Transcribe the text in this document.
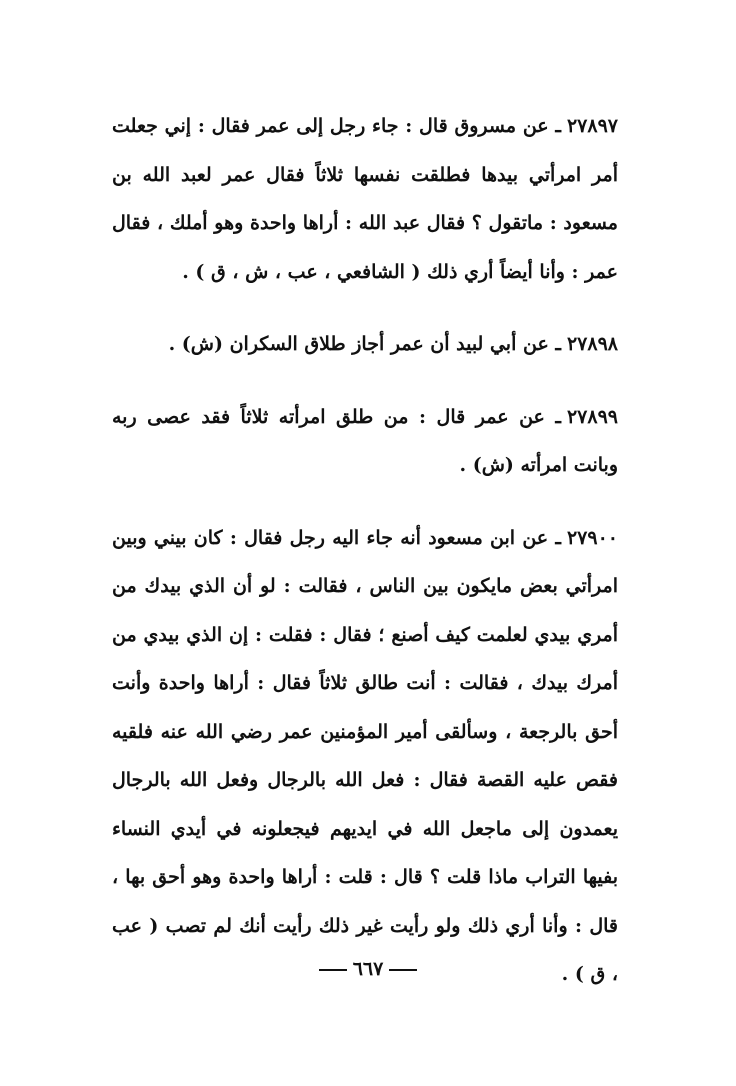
٢٧٨٩٧ـ عن مسروق قال : جاء رجل إلى عمر فقال : إني جعلت أمر امرأتي بيدها فطلقت نفسها ثلاثاً فقال عمر لعبد الله بن مسعود : ماتقول ؟ فقال عبد الله : أراها واحدة وهو أملك ، فقال عمر : وأنا أيضاً أري ذلك ( الشافعي ، عب ، ش ، ق ) .

٢٧٨٩٨ـ عن أبي لبيد أن عمر أجاز طلاق السكران (ش) .

٢٧٨٩٩ـ عن عمر قال : من طلق امرأته ثلاثاً فقد عصى ربه وبانت امرأته (ش) .

٢٧٩٠٠ـ عن ابن مسعود أنه جاء اليه رجل فقال : كان بيني وبين امرأتي بعض مايكون بين الناس ، فقالت : لو أن الذي بيدك من أمري بيدي لعلمت كيف أصنع ؛ فقال : فقلت : إن الذي بيدي من أمرك بيدك ، فقالت : أنت طالق ثلاثاً فقال : أراها واحدة وأنت أحق بالرجعة ، وسألقى أمير المؤمنين عمر رضي الله عنه فلقيه فقص عليه القصة فقال : فعل الله بالرجال وفعل الله بالرجال يعمدون إلى ماجعل الله في ايديهم فيجعلونه في أيدي النساء بفيها التراب ماذا قلت ؟ قال : قلت : أراها واحدة وهو أحق بها ، قال : وأنا أري ذلك ولو رأيت غير ذلك رأيت أنك لم تصب ( عب ، ق ) .

٦٦٧
